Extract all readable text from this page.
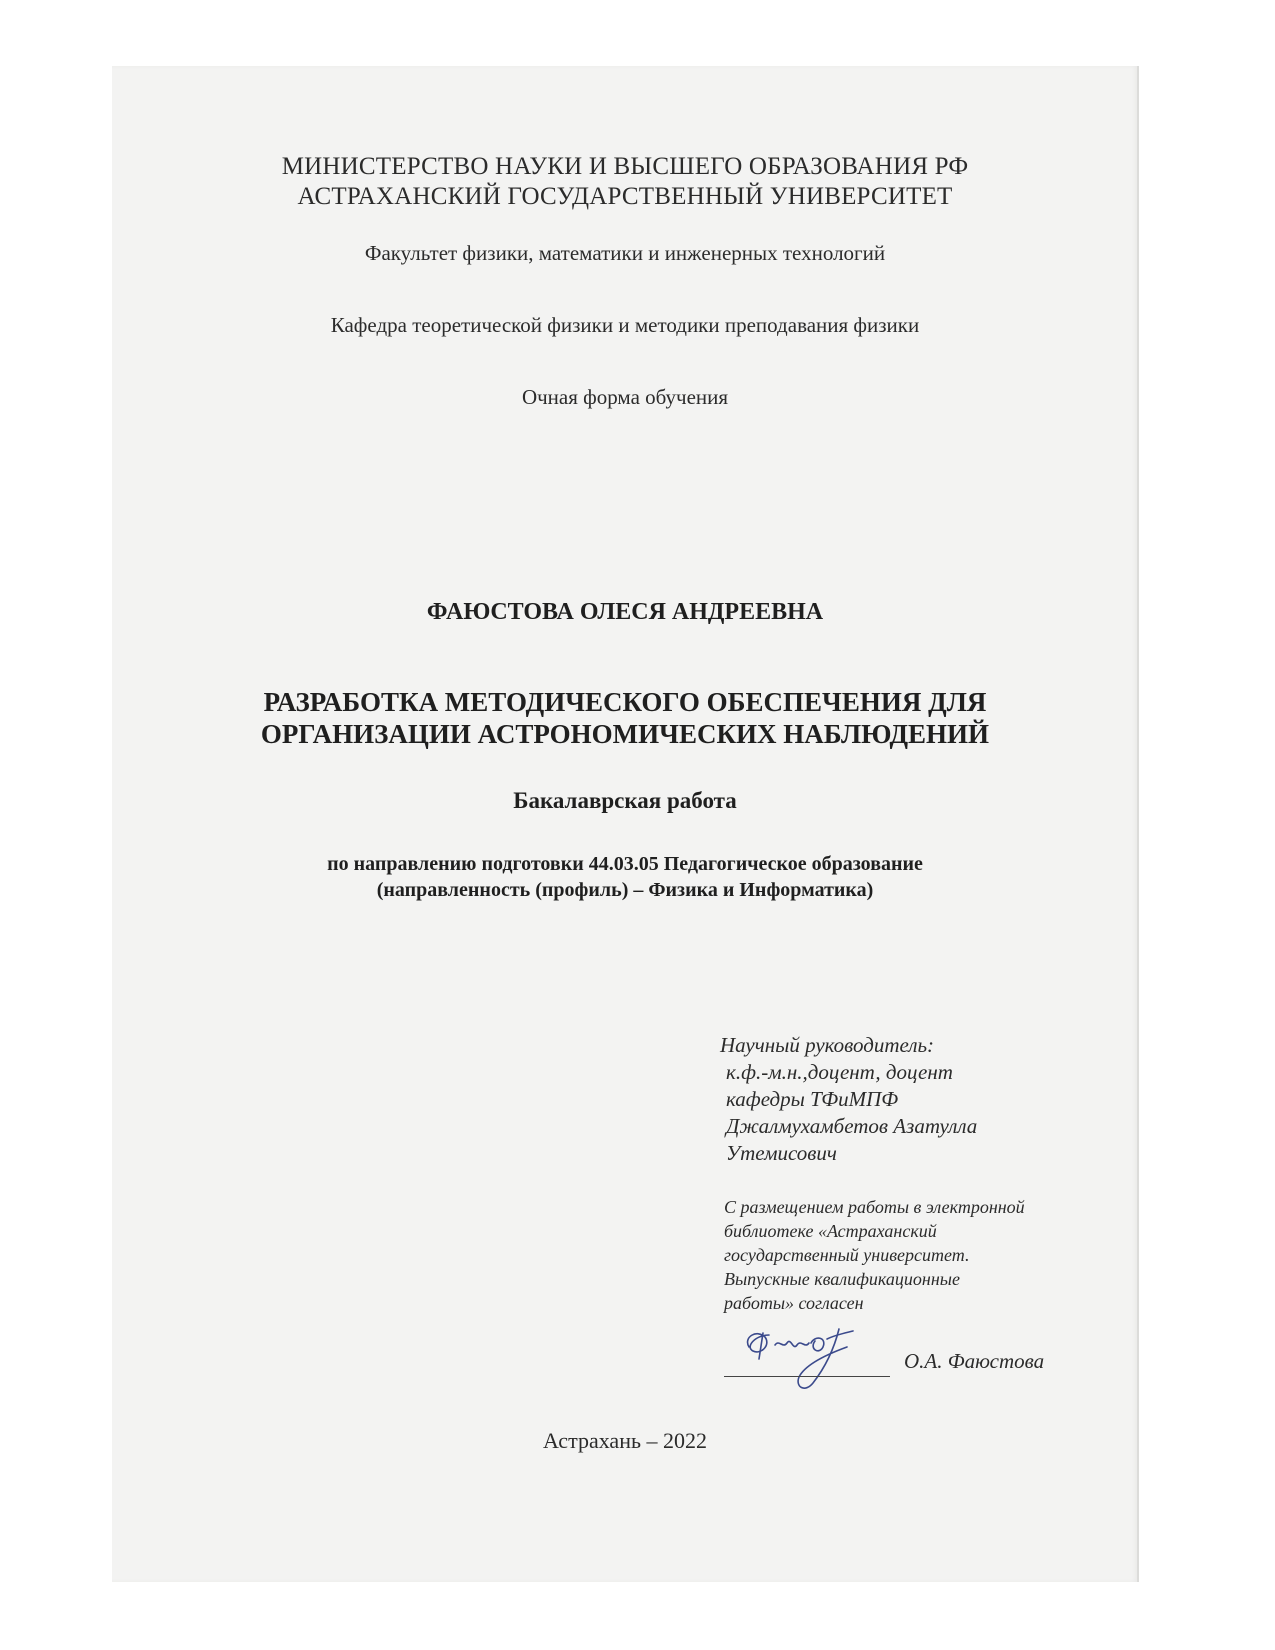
МИНИСТЕРСТВО НАУКИ И ВЫСШЕГО ОБРАЗОВАНИЯ РФ
АСТРАХАНСКИЙ ГОСУДАРСТВЕННЫЙ УНИВЕРСИТЕТ
Факультет физики, математики и инженерных технологий
Кафедра теоретической физики и методики преподавания физики
Очная форма обучения
ФАЮСТОВА ОЛЕСЯ АНДРЕЕВНА
РАЗРАБОТКА МЕТОДИЧЕСКОГО ОБЕСПЕЧЕНИЯ ДЛЯ
ОРГАНИЗАЦИИ АСТРОНОМИЧЕСКИХ НАБЛЮДЕНИЙ
Бакалаврская работа
по направлению подготовки 44.03.05 Педагогическое образование
(направленность (профиль) – Физика и Информатика)
Научный руководитель:
к.ф.-м.н.,доцент, доцент
кафедры ТФиМПФ
Джалмухамбетов Азатулла
Утемисович
С размещением работы в электронной
библиотеке «Астраханский
государственный университет.
Выпускные квалификационные
работы» согласен
О.А. Фаюстова
Астрахань – 2022
